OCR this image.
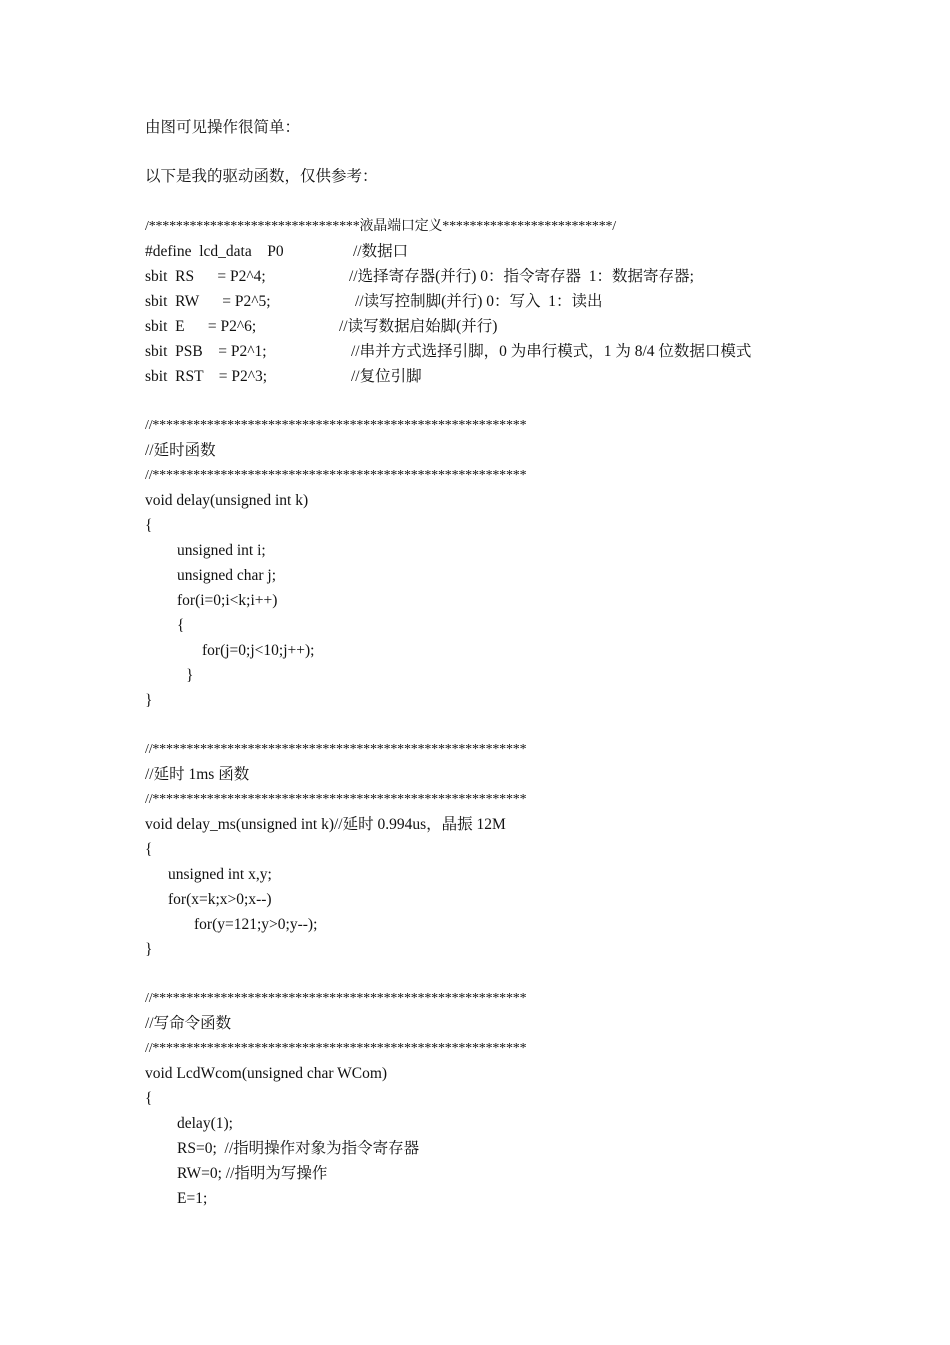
由图可见操作很简单：
以下是我的驱动函数，仅供参考：
/*******************************液晶端口定义*************************/

#define  lcd_data    P0

	//数据口

sbit  RS      = P2^4;

	//选择寄存器(并行) 0：指令寄存器  1：数据寄存器;

sbit  RW      = P2^5;

	//读写控制脚(并行) 0：写入  1：读出

sbit  E      = P2^6;

	//读写数据启始脚(并行)

sbit  PSB    = P2^1;

	//串并方式选择引脚，0 为串行模式，1 为 8/4 位数据口模式

sbit  RST    = P2^3;

	//复位引脚

//*******************************************************
//延时函数
//*******************************************************
void delay(unsigned int k)
{
unsigned int i;
unsigned char j;
for(i=0;i<k;i++)
{
for(j=0;j<10;j++);
}
}
//*******************************************************
//延时 1ms 函数
//*******************************************************
void delay_ms(unsigned int k)//延时 0.994us，晶振 12M
{
unsigned int x,y;
for(x=k;x>0;x--)
for(y=121;y>0;y--);
}
//*******************************************************
//写命令函数
//*******************************************************
void LcdWcom(unsigned char WCom)
{
delay(1);
RS=0;  //指明操作对象为指令寄存器
RW=0; //指明为写操作
E=1;
